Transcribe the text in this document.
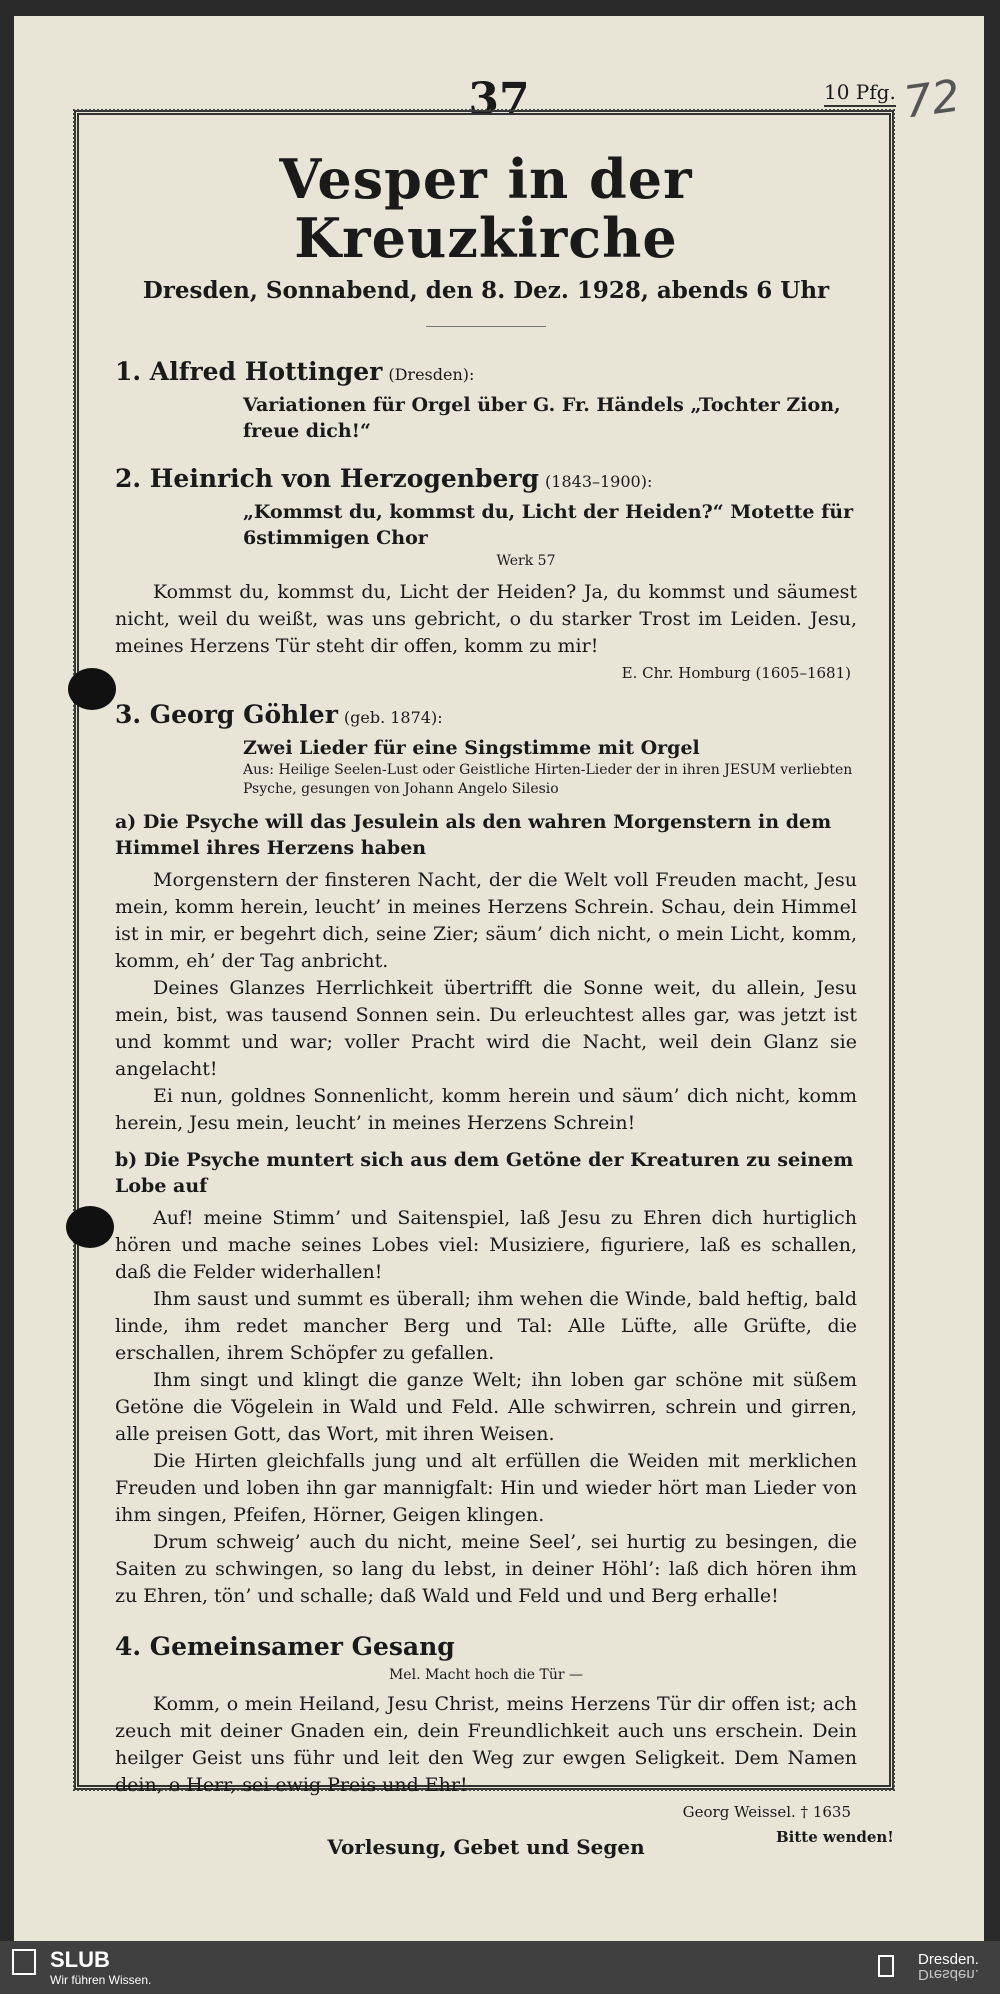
37	10 Pfg. 72
Vesper in der Kreuzkirche
Dresden, Sonnabend, den 8. Dez. 1928, abends 6 Uhr
1. Alfred Hottinger (Dresden):
Variationen für Orgel über G. Fr. Händels „Tochter Zion, freue dich!“
2. Heinrich von Herzogenberg (1843–1900):
„Kommst du, kommst du, Licht der Heiden?“ Motette für 6stimmigen Chor
Werk 57

Kommst du, kommst du, Licht der Heiden? Ja, du kommst und säumest nicht, weil du weißt, was uns gebricht, o du starker Trost im Leiden. Jesu, meines Herzens Tür steht dir offen, komm zu mir!

E. Chr. Homburg (1605–1681)
3. Georg Göhler (geb. 1874):
Zwei Lieder für eine Singstimme mit Orgel
Aus: Heilige Seelen-Lust oder Geistliche Hirten-Lieder der in ihren JESUM verliebten Psyche, gesungen von Johann Angelo Silesio
a) Die Psyche will das Jesulein als den wahren Morgenstern in dem Himmel ihres Herzens haben

Morgenstern der finsteren Nacht, der die Welt voll Freuden macht, Jesu mein, komm herein, leucht’ in meines Herzens Schrein. Schau, dein Himmel ist in mir, er begehrt dich, seine Zier; säum’ dich nicht, o mein Licht, komm, komm, eh’ der Tag anbricht.

Deines Glanzes Herrlichkeit übertrifft die Sonne weit, du allein, Jesu mein, bist, was tausend Sonnen sein. Du erleuchtest alles gar, was jetzt ist und kommt und war; voller Pracht wird die Nacht, weil dein Glanz sie angelacht!

Ei nun, goldnes Sonnenlicht, komm herein und säum’ dich nicht, komm herein, Jesu mein, leucht’ in meines Herzens Schrein!

b) Die Psyche muntert sich aus dem Getöne der Kreaturen zu seinem Lobe auf

Auf! meine Stimm’ und Saitenspiel, laß Jesu zu Ehren dich hurtiglich hören und mache seines Lobes viel: Musiziere, figuriere, laß es schallen, daß die Felder widerhallen!

Ihm saust und summt es überall; ihm wehen die Winde, bald heftig, bald linde, ihm redet mancher Berg und Tal: Alle Lüfte, alle Grüfte, die erschallen, ihrem Schöpfer zu gefallen.

Ihm singt und klingt die ganze Welt; ihn loben gar schöne mit süßem Getöne die Vögelein in Wald und Feld. Alle schwirren, schrein und girren, alle preisen Gott, das Wort, mit ihren Weisen.

Die Hirten gleichfalls jung und alt erfüllen die Weiden mit merklichen Freuden und loben ihn gar mannigfalt: Hin und wieder hört man Lieder von ihm singen, Pfeifen, Hörner, Geigen klingen.

Drum schweig’ auch du nicht, meine Seel’, sei hurtig zu besingen, die Saiten zu schwingen, so lang du lebst, in deiner Höhl’: laß dich hören ihm zu Ehren, tön’ und schalle; daß Wald und Feld und und Berg erhalle!

4. Gemeinsamer Gesang
Mel. Macht hoch die Tür —

Komm, o mein Heiland, Jesu Christ, meins Herzens Tür dir offen ist; ach zeuch mit deiner Gnaden ein, dein Freundlichkeit auch uns erschein. Dein heilger Geist uns führ und leit den Weg zur ewgen Seligkeit. Dem Namen dein, o Herr, sei ewig Preis und Ehr!

Georg Weissel. † 1635
Vorlesung, Gebet und Segen	Bitte wenden!
SLUB
Wir führen Wissen.
Dresden.
Dresden.
